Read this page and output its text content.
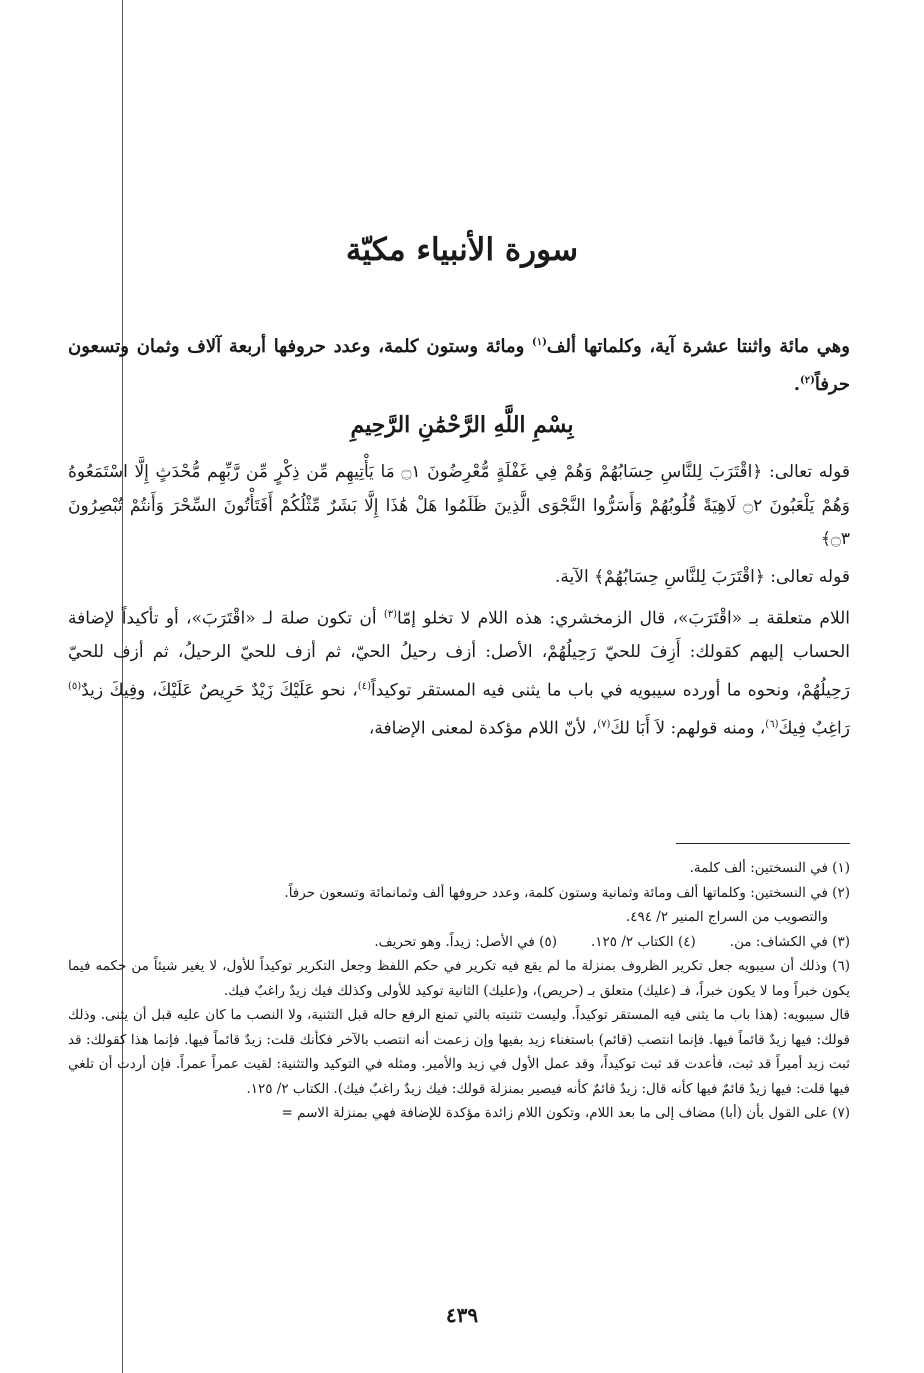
سورة الأنبياء مكيّة
وهي مائة واثنتا عشرة آية، وكلماتها ألف$^{(١)}$ ومائة وستون كلمة، وعدد حروفها أربعة آلاف وثمان وتسعون حرفاً$^{(٢)}$.
بِسْمِ اللَّهِ الرَّحْمَٰنِ الرَّحِيمِ

قوله تعالى: ﴿اقْتَرَبَ لِلنَّاسِ حِسَابُهُمْ وَهُمْ فِي غَفْلَةٍ مُّعْرِضُونَ ۝١ مَا يَأْتِيهِم مِّن ذِكْرٍ مِّن رَّبِّهِم مُّحْدَثٍ إِلَّا اسْتَمَعُوهُ وَهُمْ يَلْعَبُونَ ۝٢ لَاهِيَةً قُلُوبُهُمْ وَأَسَرُّوا النَّجْوَى الَّذِينَ ظَلَمُوا هَلْ هَٰذَا إِلَّا بَشَرٌ مِّثْلُكُمْ أَفَتَأْتُونَ السِّحْرَ وَأَنتُمْ تُبْصِرُونَ ۝٣﴾

قوله تعالى: ﴿اقْتَرَبَ لِلنَّاسِ حِسَابُهُمْ﴾ الآية.

اللام متعلقة بـ «اقْتَرَبَ»، قال الزمخشري: هذه اللام لا تخلو إمّا$^{(٣)}$ أن تكون صلة لـ «اقْتَرَبَ»، أو تأكيداً لإضافة الحساب إليهم كقولك: أَزِفَ للحيّ رَحِيلُهُمْ، الأصل: أزف رحيلُ الحيّ، ثم أزف للحيّ الرحيلُ، ثم أزف للحيّ رَحِيلُهُمْ، ونحوه ما أورده سيبويه في باب ما يثنى فيه المستقر توكيداً$^{(٤)}$، نحو عَلَيْكَ زَيْدٌ حَرِيصٌ عَلَيْكَ، وفِيكَ زيدٌ$^{(٥)}$ رَاغِبٌ فِيكَ$^{(٦)}$، ومنه قولهم: لاَ أَبَا لكَ$^{(٧)}$، لأنّ اللام مؤكدة لمعنى الإضافة،

(١) في النسختين: ألف كلمة.

(٢) في النسختين: وكلماتها ألف ومائة وثمانية وستون كلمة، وعدد حروفها ألف وثمانمائة وتسعون حرفاً.

والتصويب من السراج المنير ٢/ ٤٩٤.

(٣) في الكشاف: من.(٤) الكتاب ٢/ ١٢٥.(٥) في الأصل: زيداً. وهو تحريف.

(٦) وذلك أن سيبويه جعل تكرير الظروف بمنزلة ما لم يقع فيه تكرير في حكم اللفظ وجعل التكرير توكيداً للأول، لا يغير شيئاً من حكمه فيما يكون خبراً وما لا يكون خبراً، فـ (عليك) متعلق بـ (حريص)، و(عليك) الثانية توكيد للأولى وكذلك فيك زيدٌ راغبٌ فيك.

قال سيبويه: (هذا باب ما يثنى فيه المستقر توكيداً. وليست تثنيته بالتي تمنع الرفع حاله قبل التثنية، ولا النصب ما كان عليه قبل أن يثنى. وذلك قولك: فيها زيدٌ قائماً فيها. فإنما انتصب (قائم) باستغناء زيد بفيها وإن زعمت أنه انتصب بالآخر فكأنك قلت: زيدٌ قائماً فيها. فإنما هذا كقولك: قد ثبت زيد أميراً قد ثبت، فأعدت قد ثبت توكيداً، وقد عمل الأول في زيد والأمير. ومثله في التوكيد والتثنية: لقيت عمراً عمراً. فإن أردت أن تلغي فيها قلت: فيها زيدٌ قائمٌ فيها كأنه قال: زيدٌ قائمٌ كأنه فيصير بمنزلة قولك: فيك زيدٌ راغبٌ فيك). الكتاب ٢/ ١٢٥.

(٧) على القول بأن (أبا) مضاف إلى ما بعد اللام، وتكون اللام زائدة مؤكدة للإضافة فهي بمنزلة الاسم =

٤٣٩
